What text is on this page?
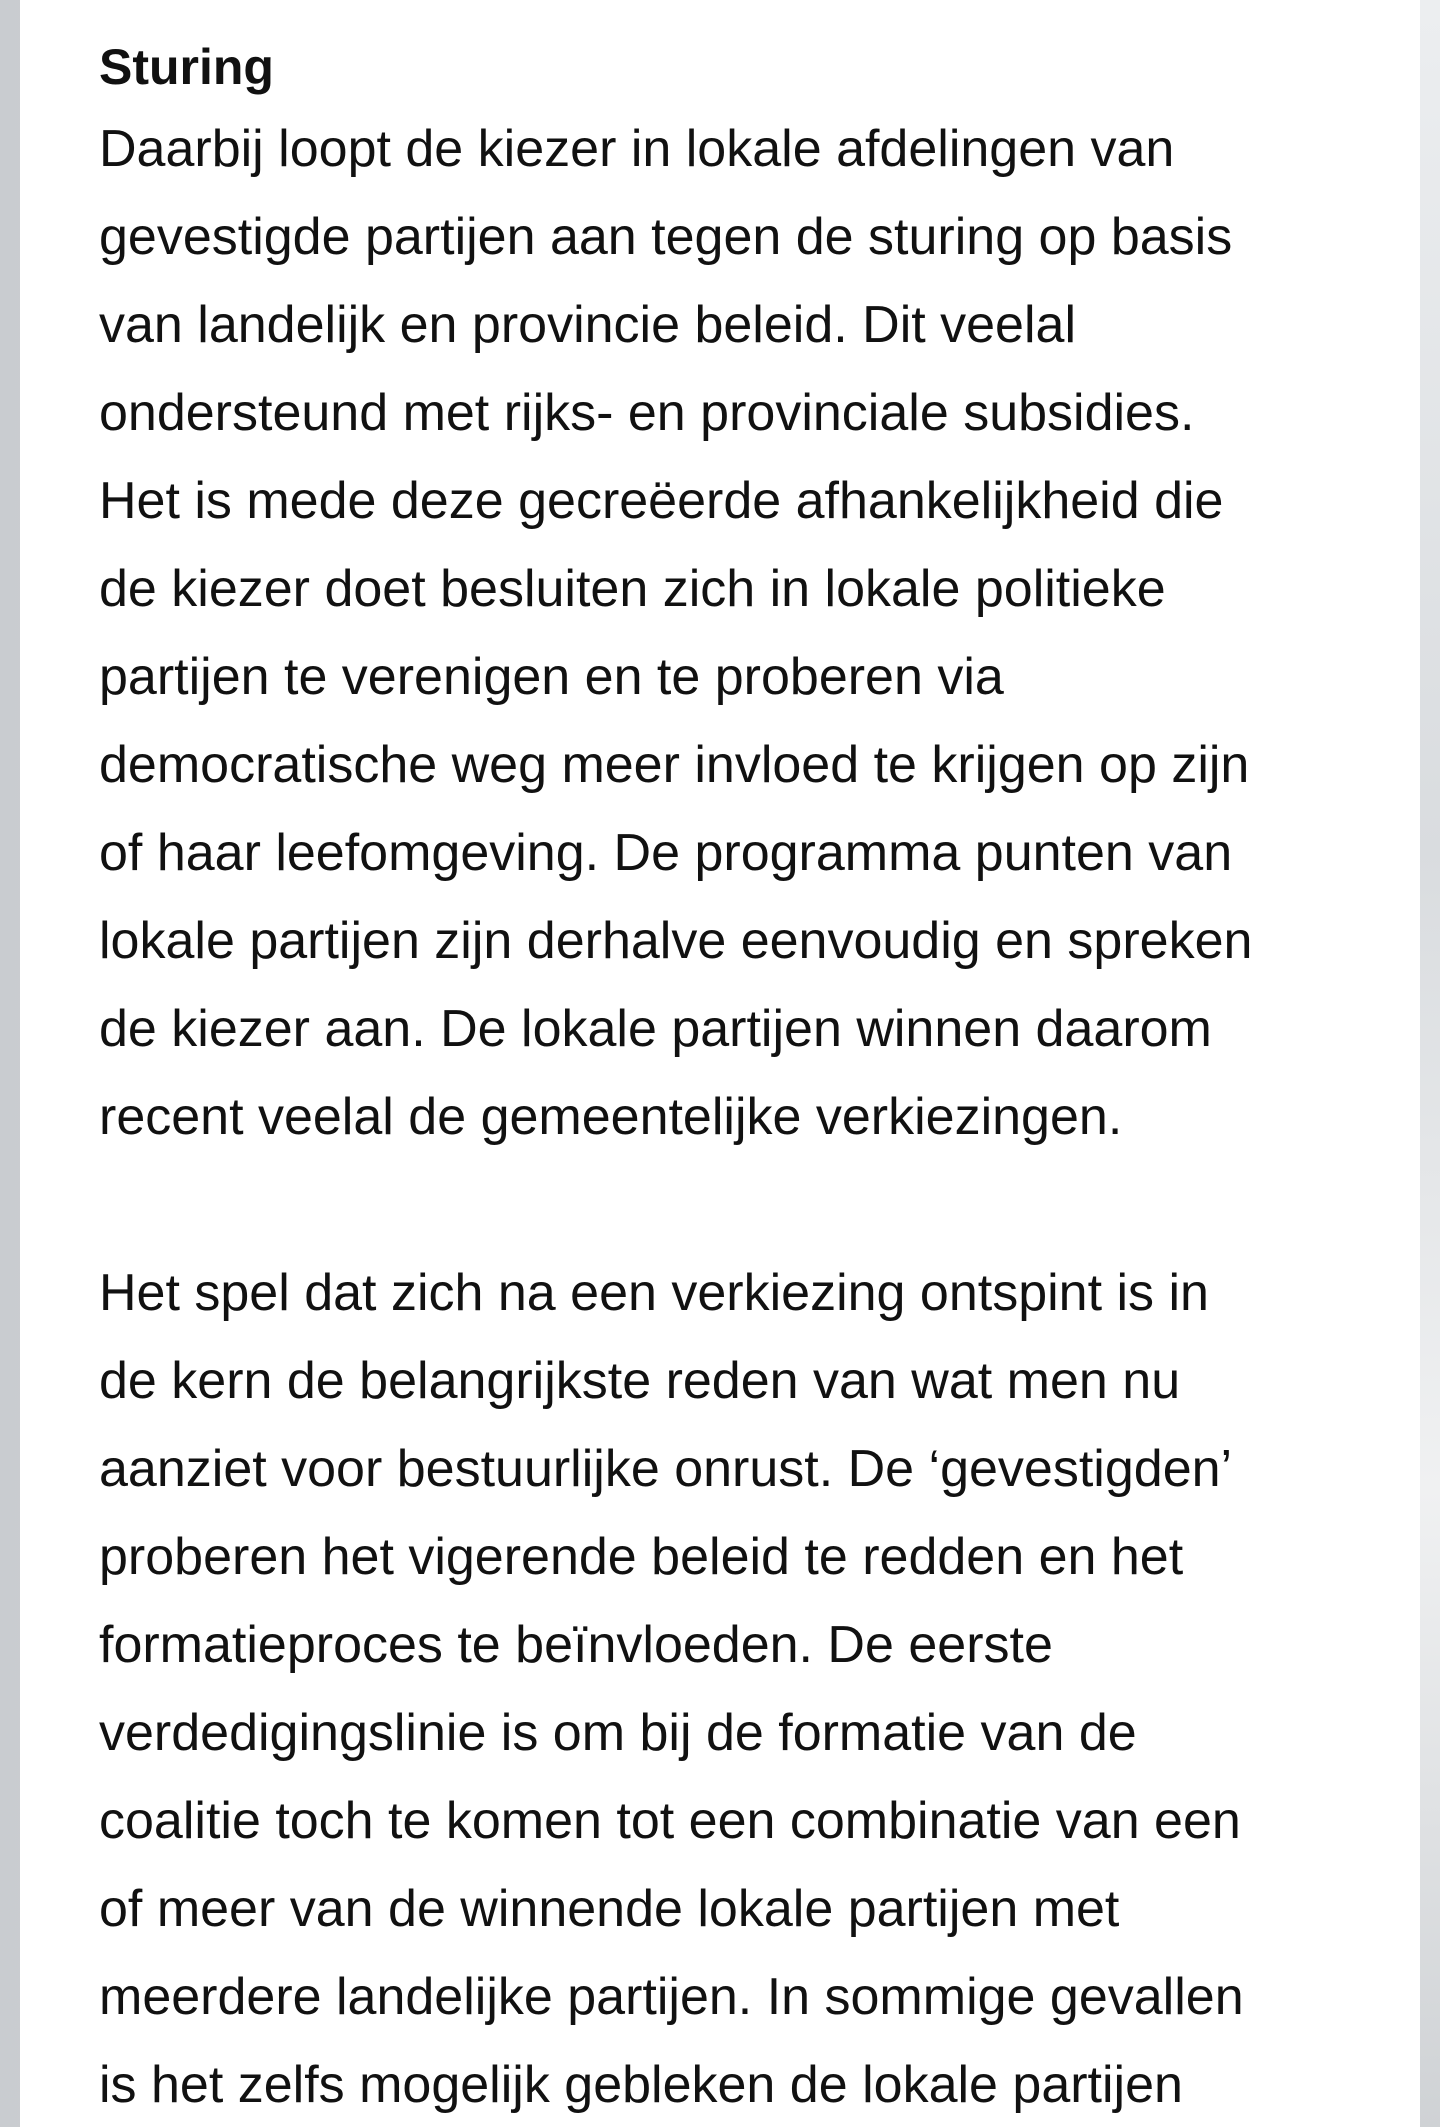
Sturing

Daarbij loopt de kiezer in lokale afdelingen van
gevestigde partijen aan tegen de sturing op basis
van landelijk en provincie beleid. Dit veelal
ondersteund met rijks- en provinciale subsidies.
Het is mede deze gecreëerde afhankelijkheid die
de kiezer doet besluiten zich in lokale politieke
partijen te verenigen en te proberen via
democratische weg meer invloed te krijgen op zijn
of haar leefomgeving. De programma punten van
lokale partijen zijn derhalve eenvoudig en spreken
de kiezer aan. De lokale partijen winnen daarom
recent veelal de gemeentelijke verkiezingen.

Het spel dat zich na een verkiezing ontspint is in
de kern de belangrijkste reden van wat men nu
aanziet voor bestuurlijke onrust. De ‘gevestigden’
proberen het vigerende beleid te redden en het
formatieproces te beïnvloeden. De eerste
verdedigingslinie is om bij de formatie van de
coalitie toch te komen tot een combinatie van een
of meer van de winnende lokale partijen met
meerdere landelijke partijen. In sommige gevallen
is het zelfs mogelijk gebleken de lokale partijen
